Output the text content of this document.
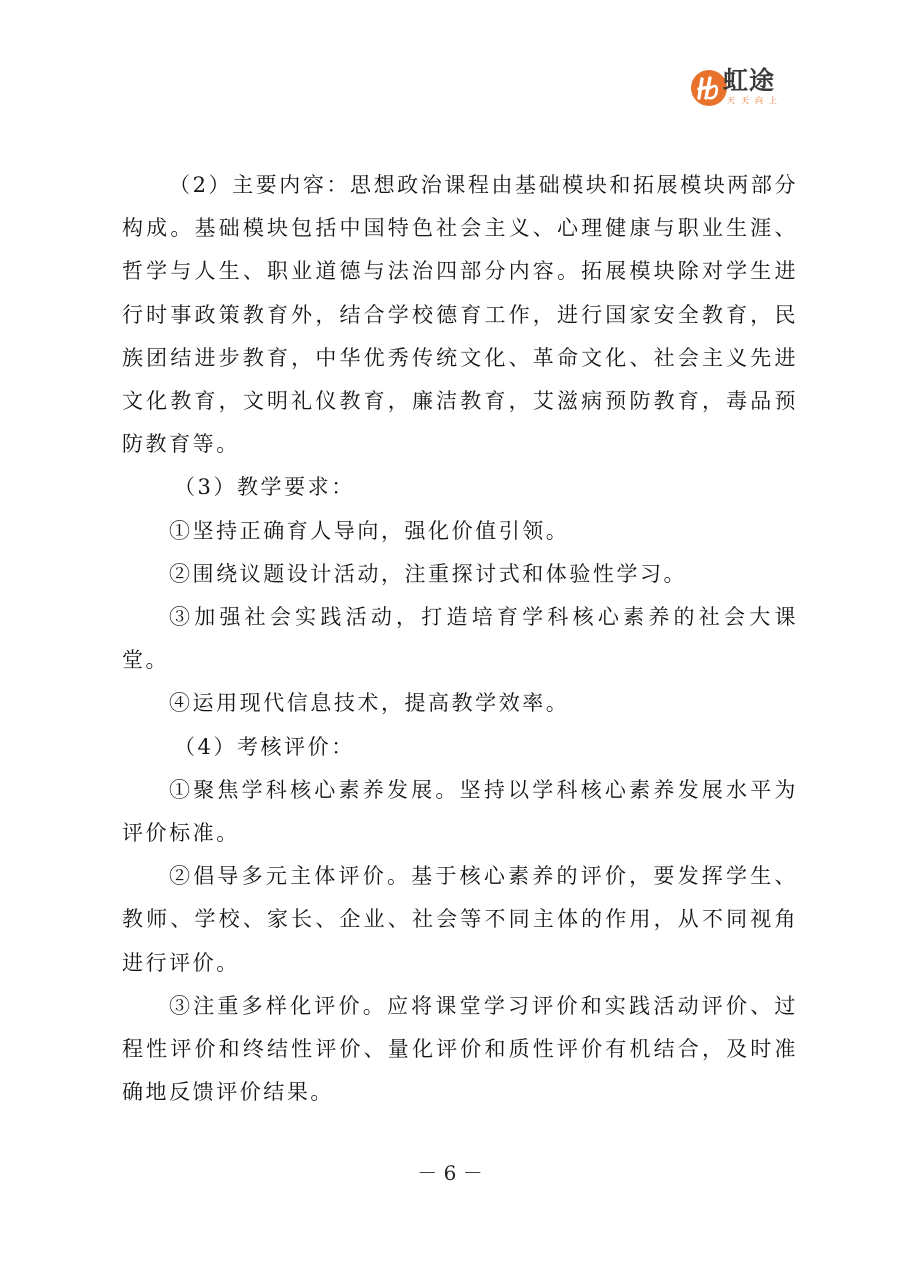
虹途
天天向上

（2）主要内容：思想政治课程由基础模块和拓展模块两部分构成。基础模块包括中国特色社会主义、心理健康与职业生涯、哲学与人生、职业道德与法治四部分内容。拓展模块除对学生进行时事政策教育外，结合学校德育工作，进行国家安全教育，民族团结进步教育，中华优秀传统文化、革命文化、社会主义先进文化教育，文明礼仪教育，廉洁教育，艾滋病预防教育，毒品预防教育等。

（3）教学要求：

①坚持正确育人导向，强化价值引领。

②围绕议题设计活动，注重探讨式和体验性学习。

③加强社会实践活动，打造培育学科核心素养的社会大课堂。

④运用现代信息技术，提高教学效率。

（4）考核评价：

①聚焦学科核心素养发展。坚持以学科核心素养发展水平为评价标准。

②倡导多元主体评价。基于核心素养的评价，要发挥学生、教师、学校、家长、企业、社会等不同主体的作用，从不同视角进行评价。

③注重多样化评价。应将课堂学习评价和实践活动评价、过程性评价和终结性评价、量化评价和质性评价有机结合，及时准确地反馈评价结果。

－ 6 －
